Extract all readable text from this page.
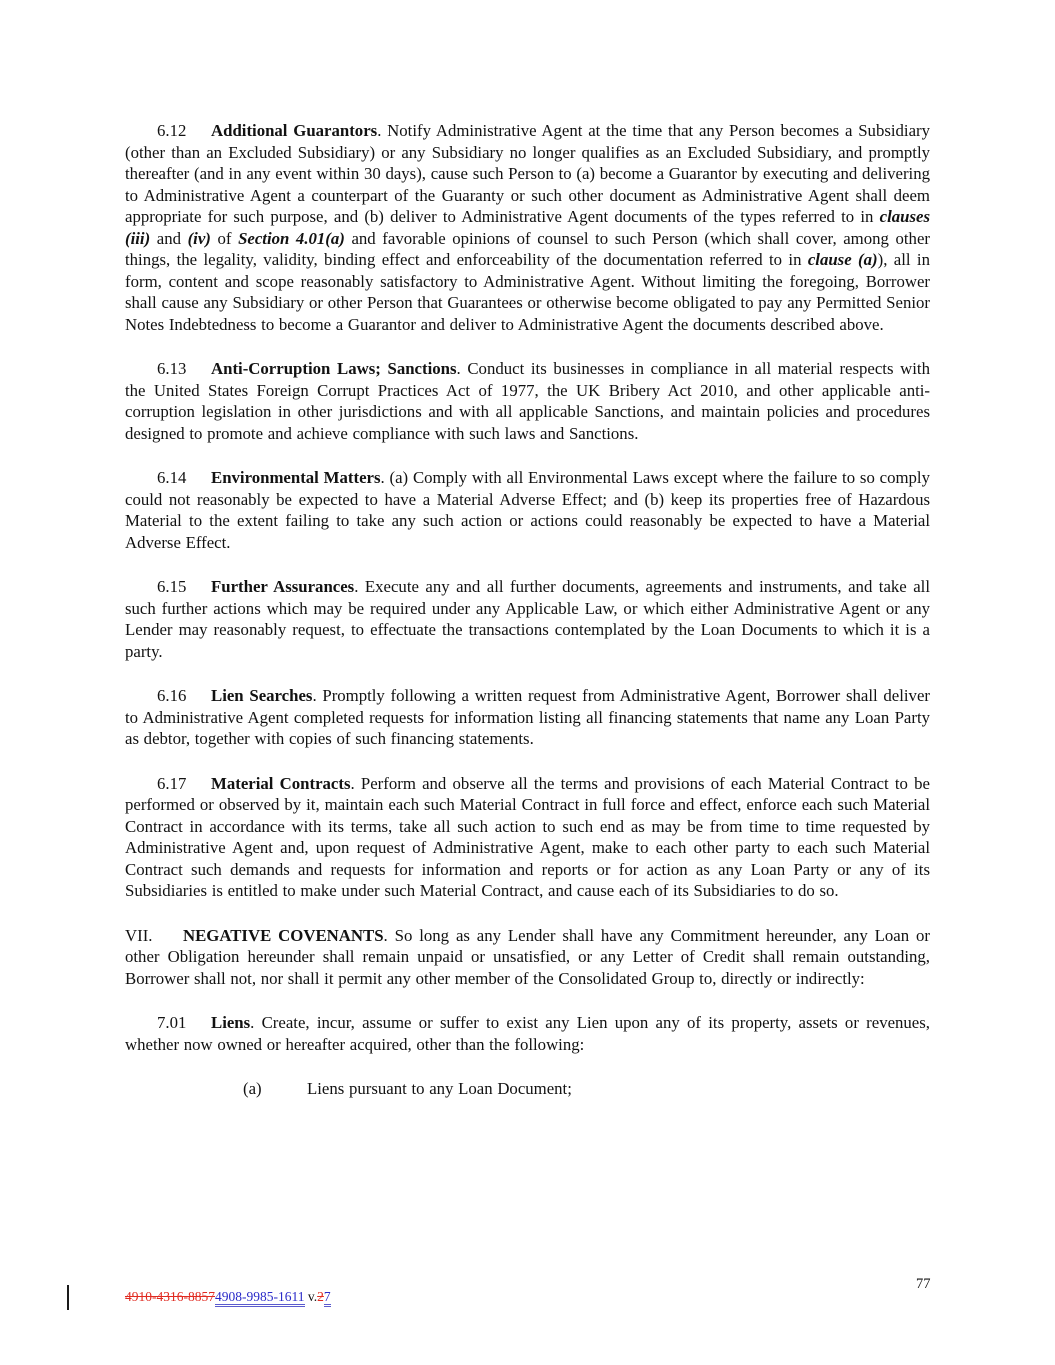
6.12 Additional Guarantors. Notify Administrative Agent at the time that any Person becomes a Subsidiary (other than an Excluded Subsidiary) or any Subsidiary no longer qualifies as an Excluded Subsidiary, and promptly thereafter (and in any event within 30 days), cause such Person to (a) become a Guarantor by executing and delivering to Administrative Agent a counterpart of the Guaranty or such other document as Administrative Agent shall deem appropriate for such purpose, and (b) deliver to Administrative Agent documents of the types referred to in clauses (iii) and (iv) of Section 4.01(a) and favorable opinions of counsel to such Person (which shall cover, among other things, the legality, validity, binding effect and enforceability of the documentation referred to in clause (a)), all in form, content and scope reasonably satisfactory to Administrative Agent. Without limiting the foregoing, Borrower shall cause any Subsidiary or other Person that Guarantees or otherwise become obligated to pay any Permitted Senior Notes Indebtedness to become a Guarantor and deliver to Administrative Agent the documents described above.

6.13 Anti-Corruption Laws; Sanctions. Conduct its businesses in compliance in all material respects with the United States Foreign Corrupt Practices Act of 1977, the UK Bribery Act 2010, and other applicable anti-corruption legislation in other jurisdictions and with all applicable Sanctions, and maintain policies and procedures designed to promote and achieve compliance with such laws and Sanctions.

6.14 Environmental Matters. (a) Comply with all Environmental Laws except where the failure to so comply could not reasonably be expected to have a Material Adverse Effect; and (b) keep its properties free of Hazardous Material to the extent failing to take any such action or actions could reasonably be expected to have a Material Adverse Effect.

6.15 Further Assurances. Execute any and all further documents, agreements and instruments, and take all such further actions which may be required under any Applicable Law, or which either Administrative Agent or any Lender may reasonably request, to effectuate the transactions contemplated by the Loan Documents to which it is a party.

6.16 Lien Searches. Promptly following a written request from Administrative Agent, Borrower shall deliver to Administrative Agent completed requests for information listing all financing statements that name any Loan Party as debtor, together with copies of such financing statements.

6.17 Material Contracts. Perform and observe all the terms and provisions of each Material Contract to be performed or observed by it, maintain each such Material Contract in full force and effect, enforce each such Material Contract in accordance with its terms, take all such action to such end as may be from time to time requested by Administrative Agent and, upon request of Administrative Agent, make to each other party to each such Material Contract such demands and requests for information and reports or for action as any Loan Party or any of its Subsidiaries is entitled to make under such Material Contract, and cause each of its Subsidiaries to do so.

VII. NEGATIVE COVENANTS. So long as any Lender shall have any Commitment hereunder, any Loan or other Obligation hereunder shall remain unpaid or unsatisfied, or any Letter of Credit shall remain outstanding, Borrower shall not, nor shall it permit any other member of the Consolidated Group to, directly or indirectly:

7.01 Liens. Create, incur, assume or suffer to exist any Lien upon any of its property, assets or revenues, whether now owned or hereafter acquired, other than the following:

(a)	Liens pursuant to any Loan Document;

4910-4316-88574908-9985-1611 v.27
77
